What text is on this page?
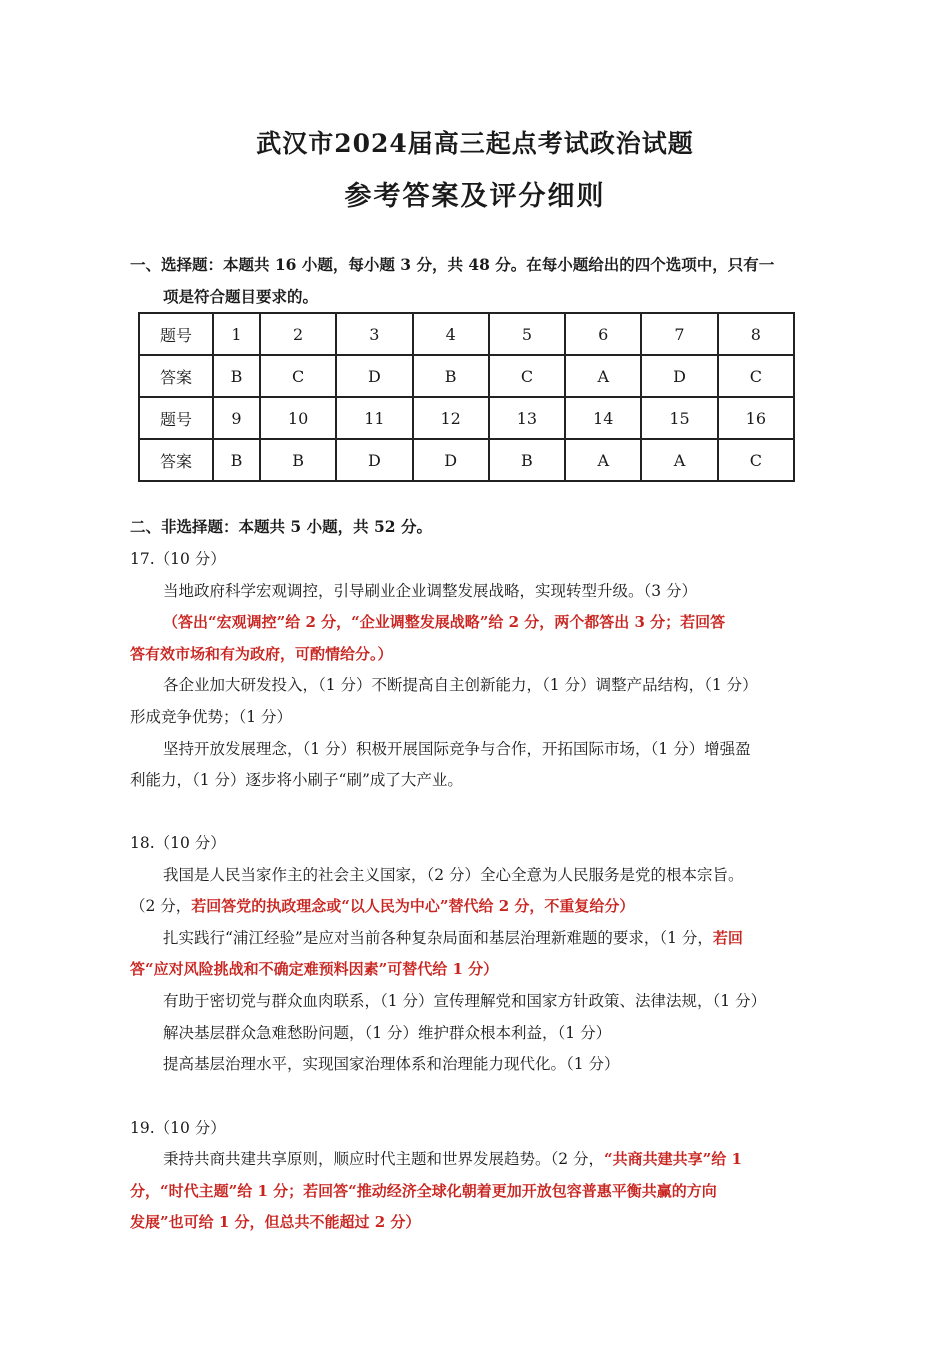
武汉市2024届高三起点考试政治试题
参考答案及评分细则
一、选择题：本题共 16 小题，每小题 3 分，共 48 分。在每小题给出的四个选项中，只有一
项是符合题目要求的。
题号	1	2	3	4	5	6	7	8
答案	B	C	D	B	C	A	D	C
题号	9	10	11	12	13	14	15	16
答案	B	B	D	D	B	A	A	C
二、非选择题：本题共 5 小题，共 52 分。
17.（10 分）
当地政府科学宏观调控，引导刷业企业调整发展战略，实现转型升级。（3 分）
（答出“宏观调控”给 2 分，“企业调整发展战略”给 2 分，两个都答出 3 分；若回答
答有效市场和有为政府，可酌情给分。）
各企业加大研发投入，（1 分）不断提高自主创新能力，（1 分）调整产品结构，（1 分）
形成竞争优势；（1 分）
坚持开放发展理念，（1 分）积极开展国际竞争与合作，开拓国际市场，（1 分）增强盈
利能力，（1 分）逐步将小刷子“刷”成了大产业。
18.（10 分）
我国是人民当家作主的社会主义国家，（2 分）全心全意为人民服务是党的根本宗旨。
（2 分，若回答党的执政理念或“以人民为中心”替代给 2 分，不重复给分）
扎实践行“浦江经验”是应对当前各种复杂局面和基层治理新难题的要求，（1 分，若回
答“应对风险挑战和不确定难预料因素”可替代给 1 分）
有助于密切党与群众血肉联系，（1 分）宣传理解党和国家方针政策、法律法规，（1 分）
解决基层群众急难愁盼问题，（1 分）维护群众根本利益，（1 分）
提高基层治理水平，实现国家治理体系和治理能力现代化。（1 分）
19.（10 分）
秉持共商共建共享原则，顺应时代主题和世界发展趋势。（2 分，“共商共建共享”给 1
分，“时代主题”给 1 分；若回答“推动经济全球化朝着更加开放包容普惠平衡共赢的方向
发展”也可给 1 分，但总共不能超过 2 分）
